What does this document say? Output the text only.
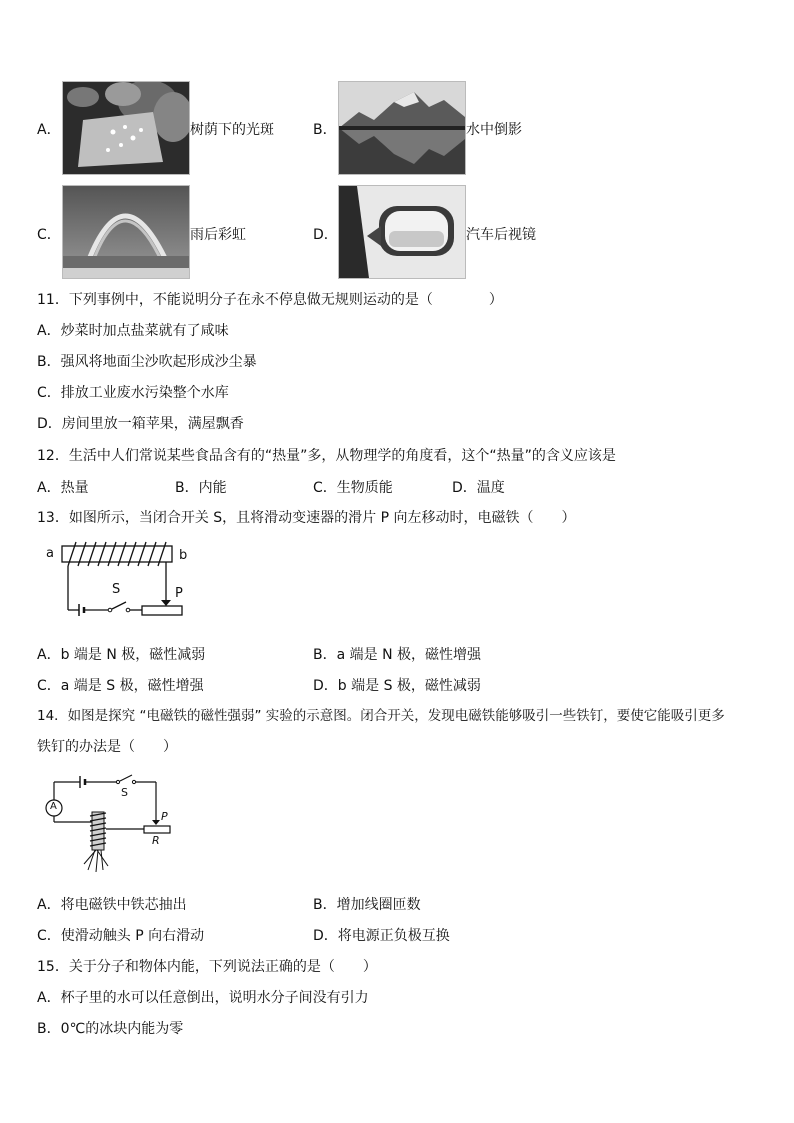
A．	树荫下的光斑	B．	水中倒影
C．	雨后彩虹	D．	汽车后视镜
11．下列事例中，不能说明分子在永不停息做无规则运动的是（　　　　）
A．炒菜时加点盐菜就有了咸味
B．强风将地面尘沙吹起形成沙尘暴
C．排放工业废水污染整个水库
D．房间里放一箱苹果，满屋飘香
12．生活中人们常说某些食品含有的“热量”多，从物理学的角度看，这个“热量”的含义应该是
A．热量	B．内能	C．生物质能	D．温度
13．如图所示，当闭合开关 S，且将滑动变速器的滑片 P 向左移动时，电磁铁（　　）
a	b
S	P
A．b 端是 N 极，磁性减弱	B．a 端是 N 极，磁性增强
C．a 端是 S 极，磁性增强	D．b 端是 S 极，磁性减弱
14．如图是探究 “电磁铁的磁性强弱” 实验的示意图。闭合开关，发现电磁铁能够吸引一些铁钉，要使它能吸引更多
铁钉的办法是（　　）
A
S
P
R
A．将电磁铁中铁芯抽出	B．增加线圈匝数
C．使滑动触头 P 向右滑动	D．将电源正负极互换
15．关于分子和物体内能，下列说法正确的是（　　）
A．杯子里的水可以任意倒出，说明水分子间没有引力
B．0℃的冰块内能为零
